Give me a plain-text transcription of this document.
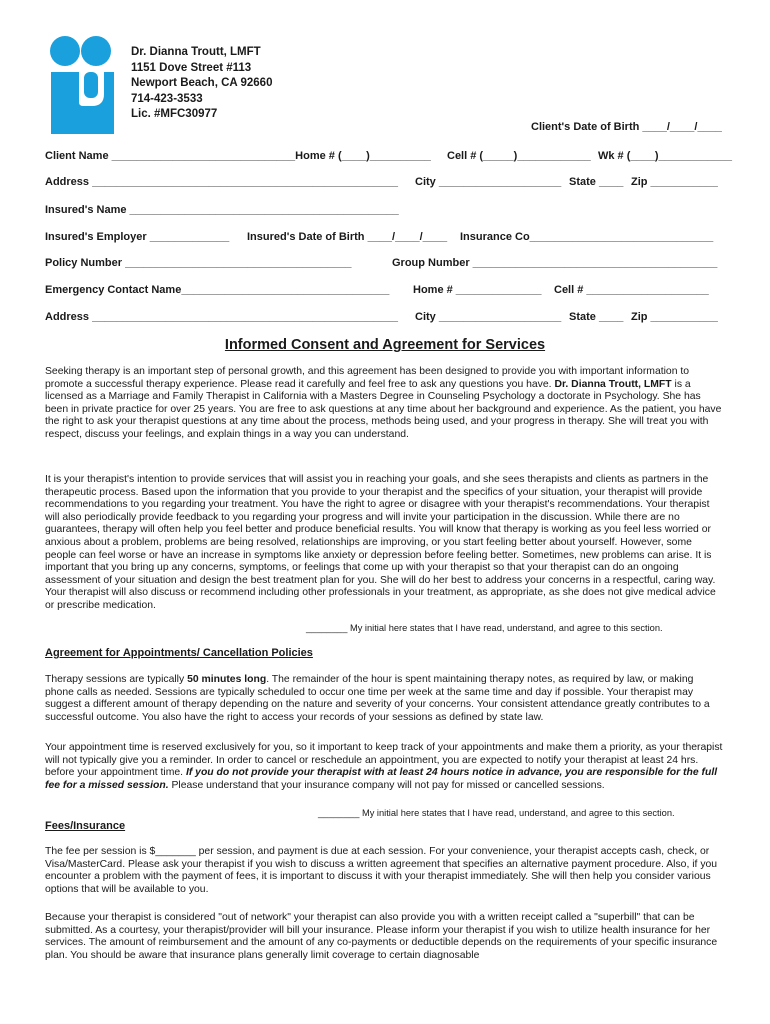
Dr. Dianna Troutt, LMFT
1151 Dove Street #113
Newport Beach, CA 92660
714-423-3533
Lic. #MFC30977
Client's Date of Birth ____/____/____
Client Name ______________________________Home # (____)__________ Cell # (_____)____________ Wk # (____)____________
Address __________________________________________________ City ____________________ State ____ Zip ___________
Insured's Name ____________________________________________
Insured's Employer _____________ Insured's Date of Birth ____/____/____ Insurance Co______________________________
Policy Number _____________________________________	Group Number ________________________________________
Emergency Contact Name__________________________________ Home # ______________ Cell # ____________________
Address __________________________________________________ City ____________________ State ____ Zip ___________
Informed Consent and Agreement for Services

Seeking therapy is an important step of personal growth, and this agreement has been designed to provide you with important information to promote a successful therapy experience. Please read it carefully and feel free to ask any questions you have. Dr. Dianna Troutt, LMFT is a licensed as a Marriage and Family Therapist in California with a Masters Degree in Counseling Psychology a doctorate in Psychology. She has been in private practice for over 25 years. You are free to ask questions at any time about her background and experience. As the patient, you have the right to ask your therapist questions at any time about the process, methods being used, and your progress in therapy. She will treat you with respect, discuss your feelings, and explain things in a way you can understand.

It is your therapist's intention to provide services that will assist you in reaching your goals, and she sees therapists and clients as partners in the therapeutic process. Based upon the information that you provide to your therapist and the specifics of your situation, your therapist will provide recommendations to you regarding your treatment. You have the right to agree or disagree with your therapist's recommendations. Your therapist will also periodically provide feedback to you regarding your progress and will invite your participation in the discussion. While there are no guarantees, therapy will often help you feel better and produce beneficial results. You will know that therapy is working as you feel less worried or anxious about a problem, problems are being resolved, relationships are improving, or you start feeling better about yourself. However, some people can feel worse or have an increase in symptoms like anxiety or depression before feeling better. Sometimes, new problems can arise. It is important that you bring up any concerns, symptoms, or feelings that come up with your therapist so that your therapist can do an ongoing assessment of your situation and design the best treatment plan for you. She will do her best to address your concerns in a respectful, caring way. Your therapist will also discuss or recommend including other professionals in your treatment, as appropriate, as she does not give medical advice or prescribe medication.

________ My initial here states that I have read, understand, and agree to this section.
Agreement for Appointments/ Cancellation Policies

Therapy sessions are typically 50 minutes long. The remainder of the hour is spent maintaining therapy notes, as required by law, or making phone calls as needed. Sessions are typically scheduled to occur one time per week at the same time and day if possible. Your therapist may suggest a different amount of therapy depending on the nature and severity of your concerns. Your consistent attendance greatly contributes to a successful outcome. You also have the right to access your records of your sessions as defined by state law.

Your appointment time is reserved exclusively for you, so it important to keep track of your appointments and make them a priority, as your therapist will not typically give you a reminder. In order to cancel or reschedule an appointment, you are expected to notify your therapist at least 24 hrs. before your appointment time. If you do not provide your therapist with at least 24 hours notice in advance, you are responsible for the full fee for a missed session. Please understand that your insurance company will not pay for missed or cancelled sessions.

________ My initial here states that I have read, understand, and agree to this section.
Fees/Insurance

The fee per session is $_______ per session, and payment is due at each session. For your convenience, your therapist accepts cash, check, or Visa/MasterCard. Please ask your therapist if you wish to discuss a written agreement that specifies an alternative payment procedure. Also, if you encounter a problem with the payment of fees, it is important to discuss it with your therapist immediately. She will then help you consider various options that will be available to you.

Because your therapist is considered "out of network" your therapist can also provide you with a written receipt called a "superbill" that can be submitted. As a courtesy, your therapist/provider will bill your insurance. Please inform your therapist if you wish to utilize health insurance for her services. The amount of reimbursement and the amount of any co-payments or deductible depends on the requirements of your specific insurance plan. You should be aware that insurance plans generally limit coverage to certain diagnosable
